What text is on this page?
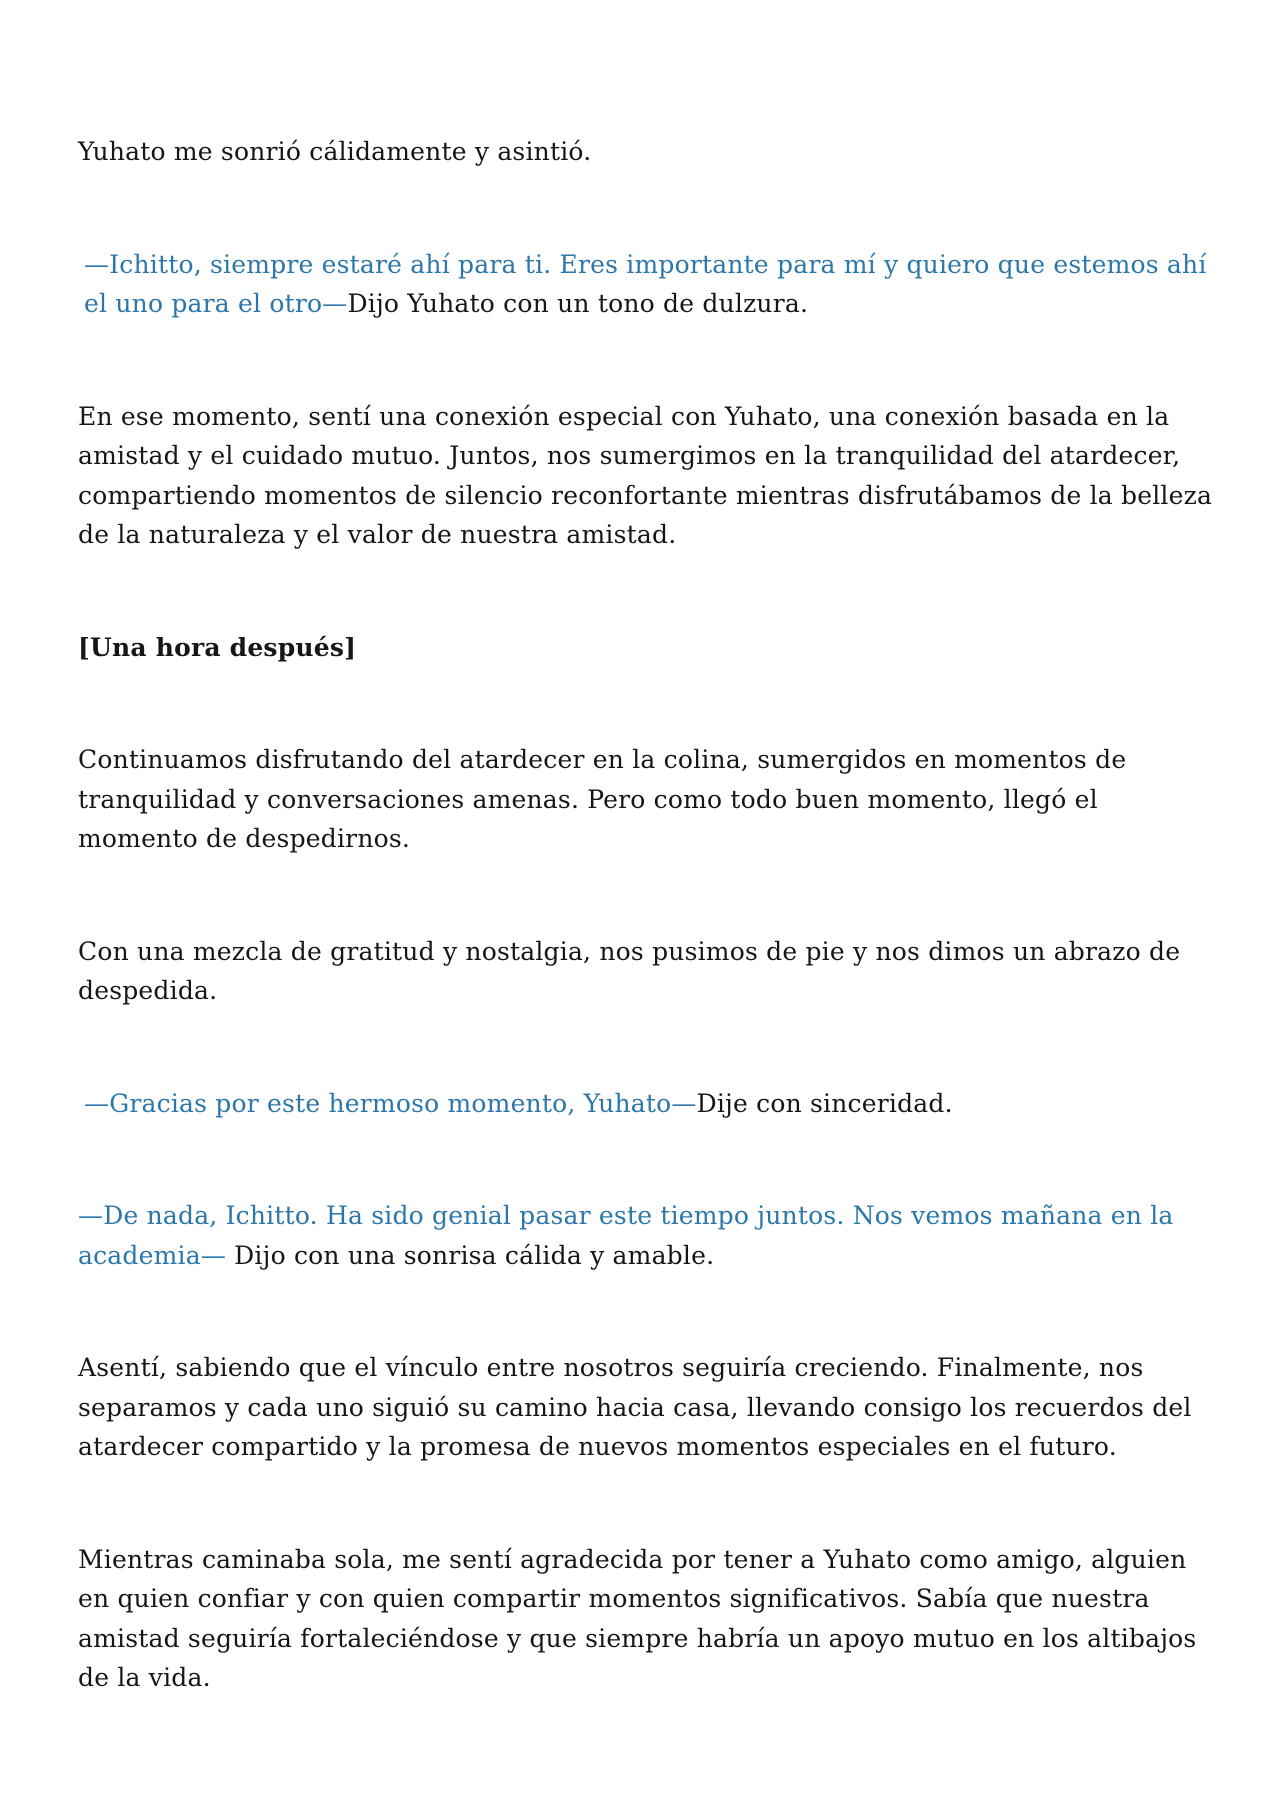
Yuhato me sonrió cálidamente y asintió.

—Ichitto, siempre estaré ahí para ti. Eres importante para mí y quiero que estemos ahí el uno para el otro—Dijo Yuhato con un tono de dulzura.

En ese momento, sentí una conexión especial con Yuhato, una conexión basada en la amistad y el cuidado mutuo. Juntos, nos sumergimos en la tranquilidad del atardecer, compartiendo momentos de silencio reconfortante mientras disfrutábamos de la belleza de la naturaleza y el valor de nuestra amistad.

[Una hora después]

Continuamos disfrutando del atardecer en la colina, sumergidos en momentos de tranquilidad y conversaciones amenas. Pero como todo buen momento, llegó el momento de despedirnos.

Con una mezcla de gratitud y nostalgia, nos pusimos de pie y nos dimos un abrazo de despedida.

—Gracias por este hermoso momento, Yuhato—Dije con sinceridad.

—De nada, Ichitto. Ha sido genial pasar este tiempo juntos. Nos vemos mañana en la academia— Dijo con una sonrisa cálida y amable.

Asentí, sabiendo que el vínculo entre nosotros seguiría creciendo. Finalmente, nos separamos y cada uno siguió su camino hacia casa, llevando consigo los recuerdos del atardecer compartido y la promesa de nuevos momentos especiales en el futuro.

Mientras caminaba sola, me sentí agradecida por tener a Yuhato como amigo, alguien en quien confiar y con quien compartir momentos significativos. Sabía que nuestra amistad seguiría fortaleciéndose y que siempre habría un apoyo mutuo en los altibajos de la vida.
